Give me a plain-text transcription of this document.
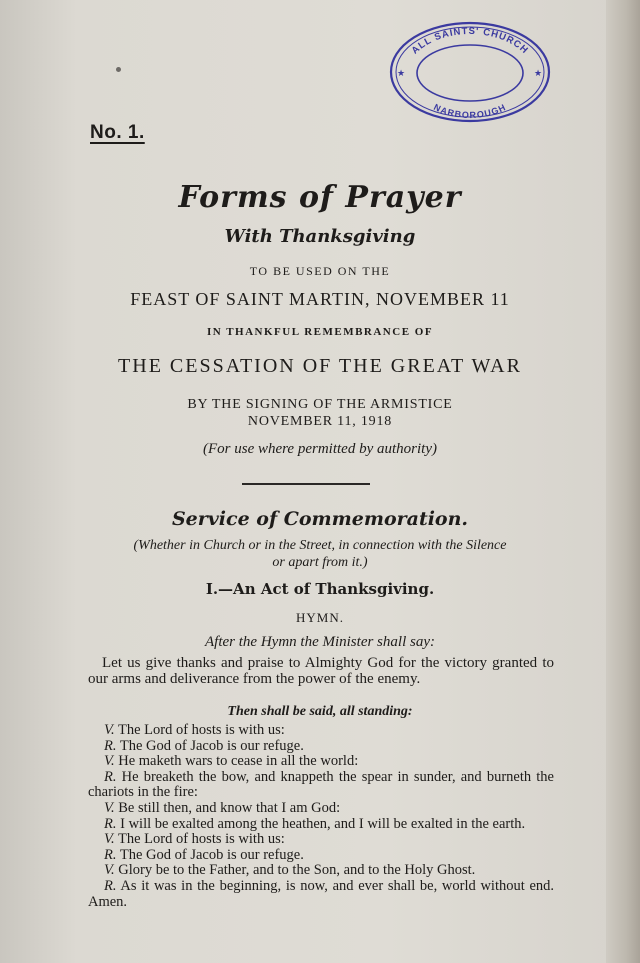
ALL SAINTS' CHURCH
NARBOROUGH
★	★
No. 1.
Forms of Prayer
With Thanksgiving
TO BE USED ON THE
FEAST OF SAINT MARTIN, NOVEMBER 11
IN THANKFUL REMEMBRANCE OF
THE CESSATION OF THE GREAT WAR
BY THE SIGNING OF THE ARMISTICE
NOVEMBER 11, 1918
(For use where permitted by authority)
Service of Commemoration.
(Whether in Church or in the Street, in connection with the Silence
or apart from it.)
I.—An Act of Thanksgiving.
HYMN.
After the Hymn the Minister shall say:
Let us give thanks and praise to Almighty God for the victory granted to our arms and deliverance from the power of the enemy.
Then shall be said, all standing:
V. The Lord of hosts is with us:
R. The God of Jacob is our refuge.
V. He maketh wars to cease in all the world:
R. He breaketh the bow, and knappeth the spear in sunder, and burneth the chariots in the fire:
V. Be still then, and know that I am God:
R. I will be exalted among the heathen, and I will be exalted in the earth.
V. The Lord of hosts is with us:
R. The God of Jacob is our refuge.
V. Glory be to the Father, and to the Son, and to the Holy Ghost.
R. As it was in the beginning, is now, and ever shall be, world without end. Amen.
